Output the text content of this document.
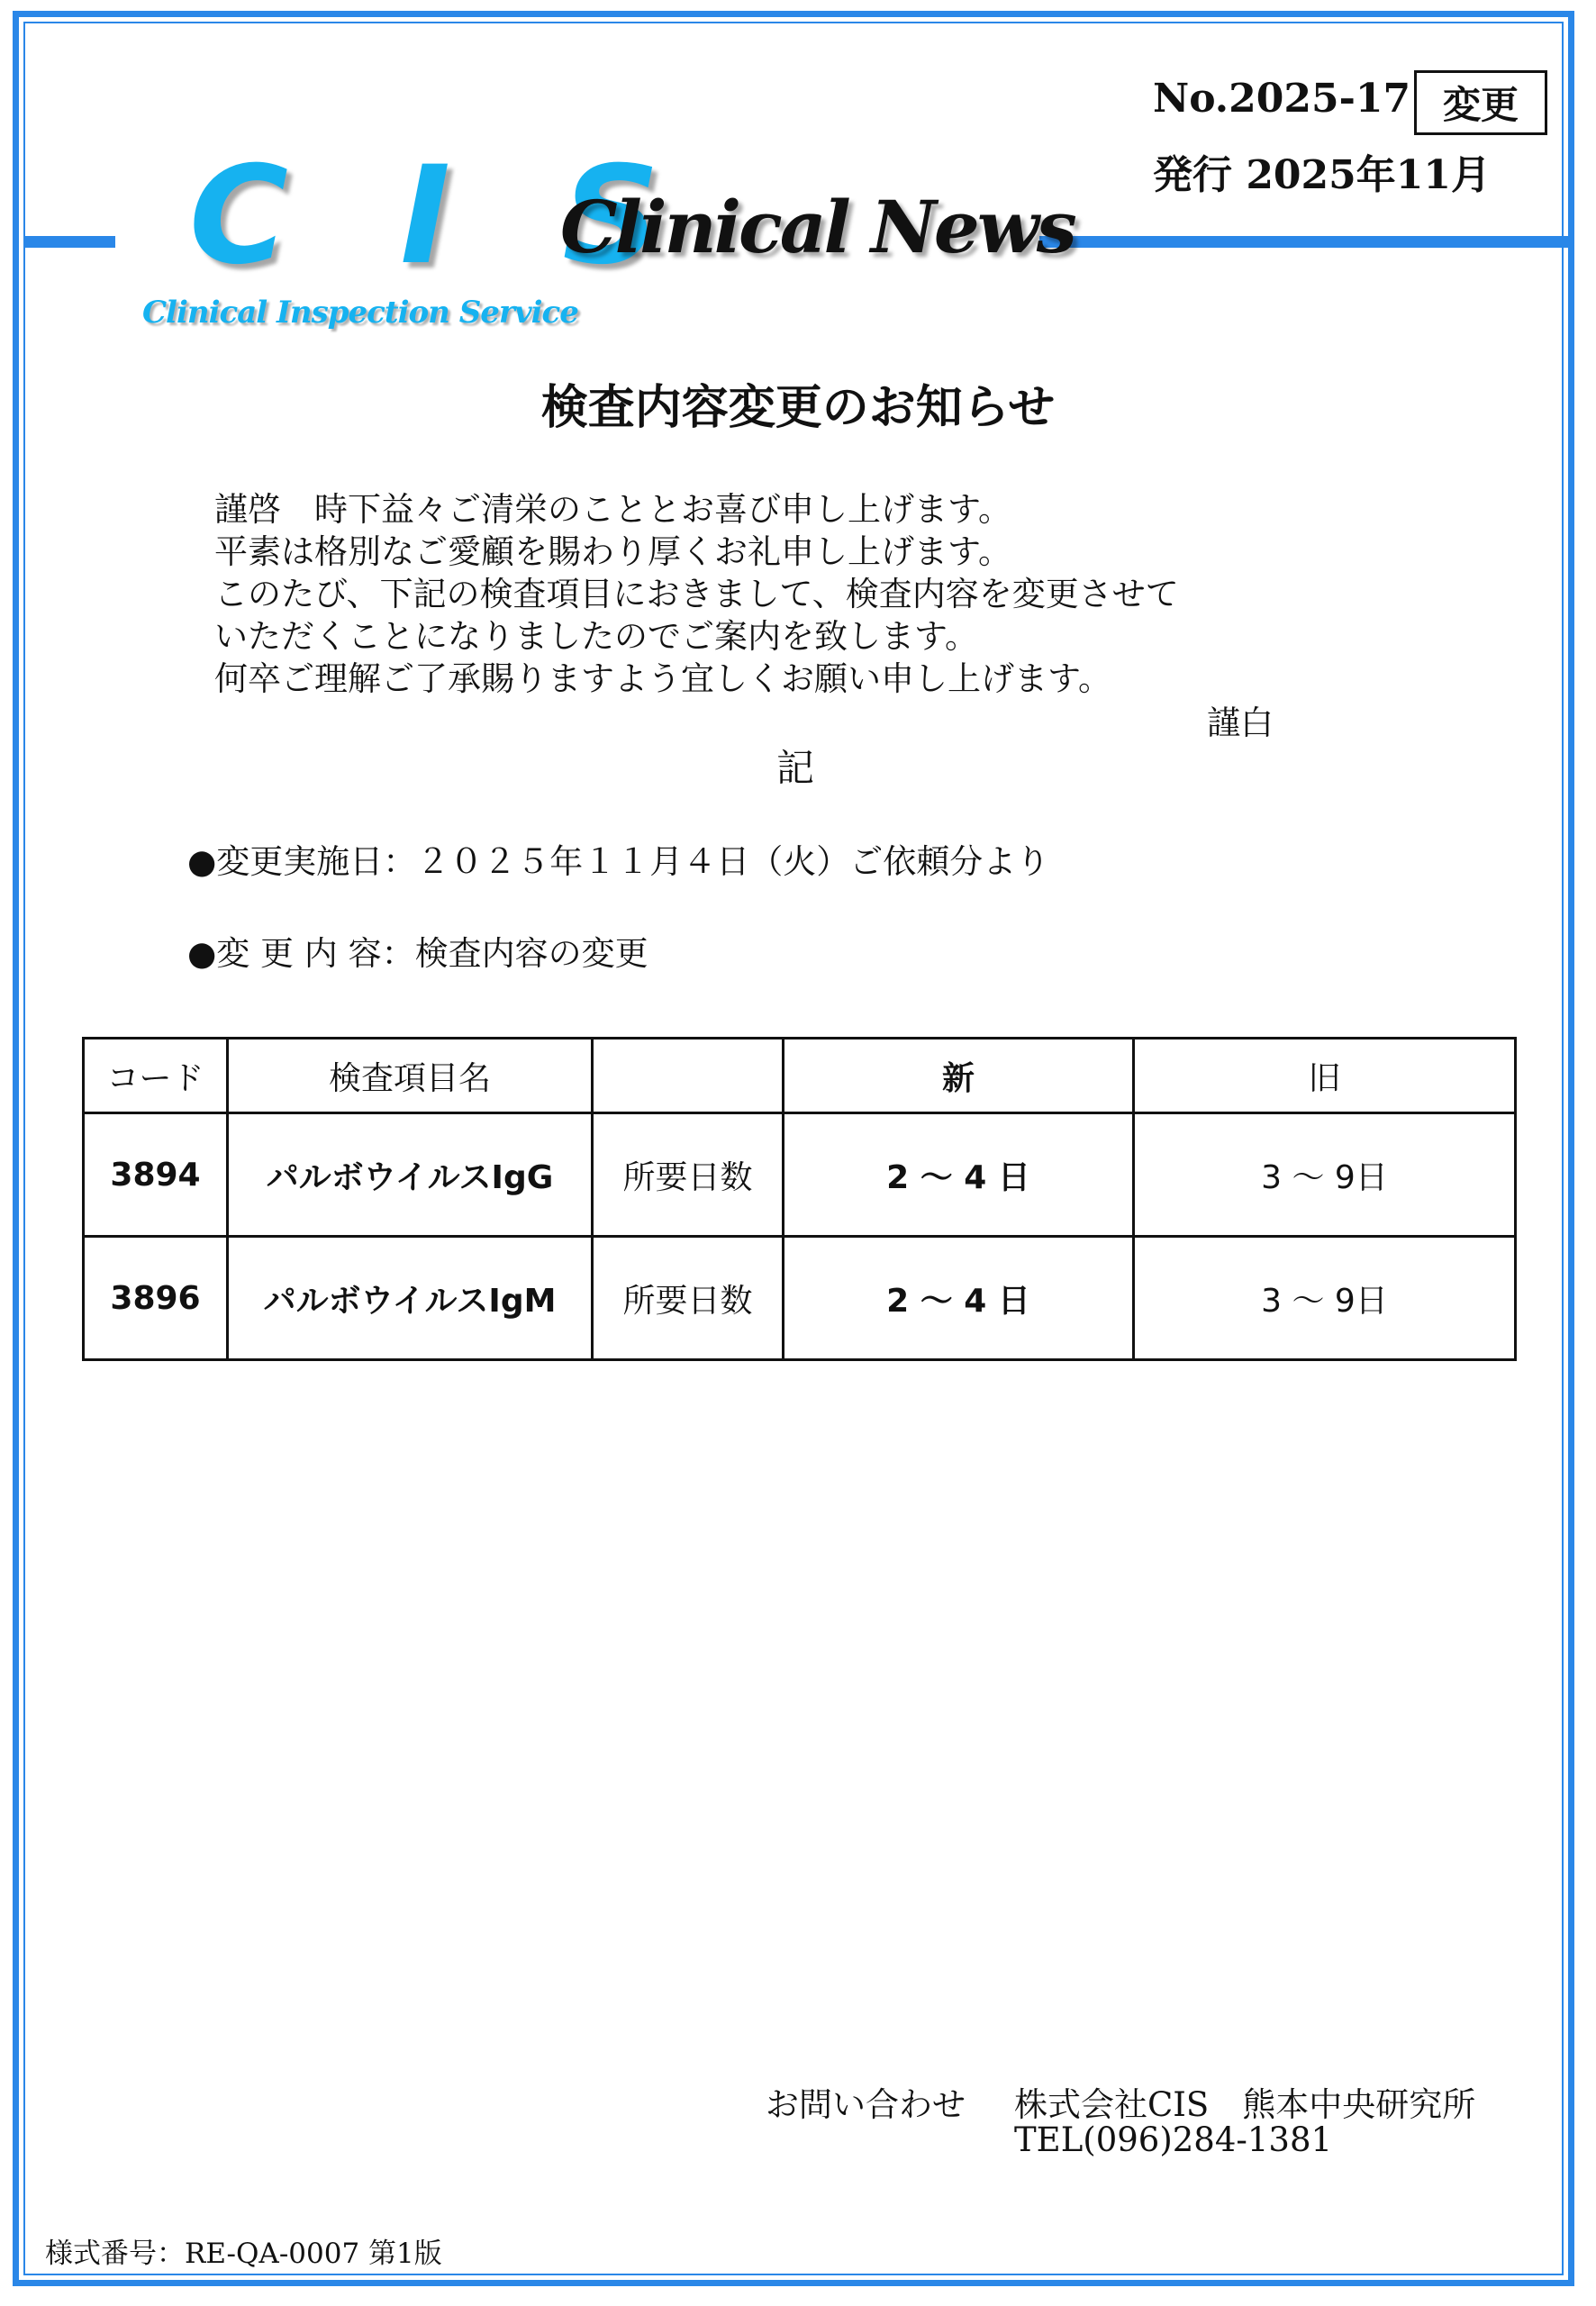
C I S
Clinical Inspection Service
Clinical News
No.2025-17 変更
発行 2025年11月
検査内容変更のお知らせ
謹啓　時下益々ご清栄のこととお喜び申し上げます。
平素は格別なご愛顧を賜わり厚くお礼申し上げます。
このたび、下記の検査項目におきまして、検査内容を変更させて
いただくことになりましたのでご案内を致します。
何卒ご理解ご了承賜りますよう宜しくお願い申し上げます。
謹白
記
●変更実施日：２０２５年１１月４日（火）ご依頼分より
●変 更 内 容：検査内容の変更
コード	検査項目名		新	旧
3894	パルボウイルスIgG	所要日数	2 ～ 4 日	3 ～ 9日
3896	パルボウイルスIgM	所要日数	2 ～ 4 日	3 ～ 9日
お問い合わせ 株式会社CIS　熊本中央研究所
TEL(096)284-1381
様式番号：RE-QA-0007 第1版
